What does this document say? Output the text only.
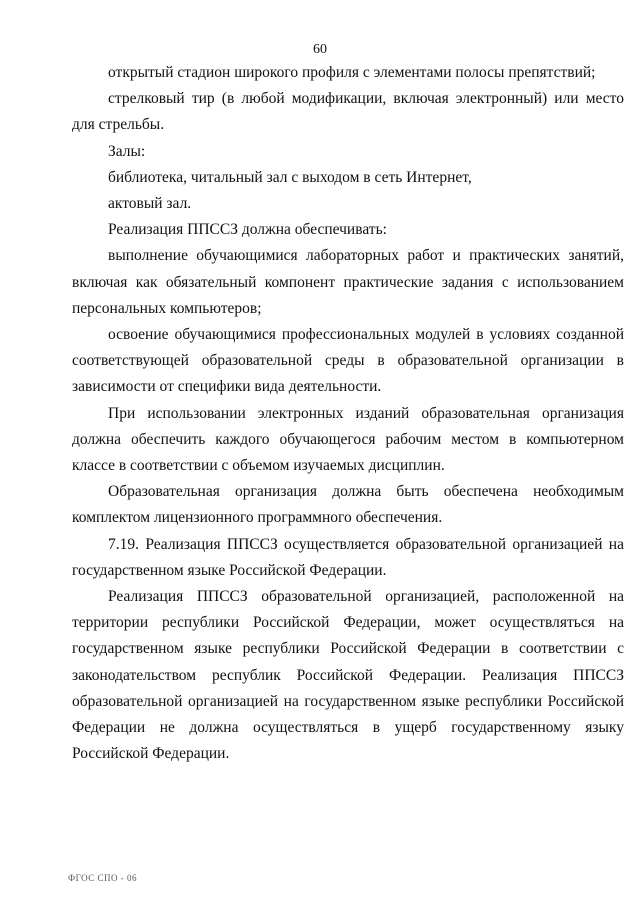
60

открытый стадион широкого профиля с элементами полосы препятствий;

стрелковый тир (в любой модификации, включая электронный) или место для стрельбы.

Залы:

библиотека, читальный зал с выходом в сеть Интернет,

актовый зал.

Реализация ППССЗ должна обеспечивать:

выполнение обучающимися лабораторных работ и практических занятий, включая как обязательный компонент практические задания с использованием персональных компьютеров;

освоение обучающимися профессиональных модулей в условиях созданной соответствующей образовательной среды в образовательной организации в зависимости от специфики вида деятельности.

При использовании электронных изданий образовательная организация должна обеспечить каждого обучающегося рабочим местом в компьютерном классе в соответствии с объемом изучаемых дисциплин.

Образовательная организация должна быть обеспечена необходимым комплектом лицензионного программного обеспечения.

7.19. Реализация ППССЗ осуществляется образовательной организацией на государственном языке Российской Федерации.

Реализация ППССЗ образовательной организацией, расположенной на территории республики Российской Федерации, может осуществляться на государственном языке республики Российской Федерации в соответствии с законодательством республик Российской Федерации. Реализация ППССЗ образовательной организацией на государственном языке республики Российской Федерации не должна осуществляться в ущерб государственному языку Российской Федерации.

ФГОС СПО - 06
